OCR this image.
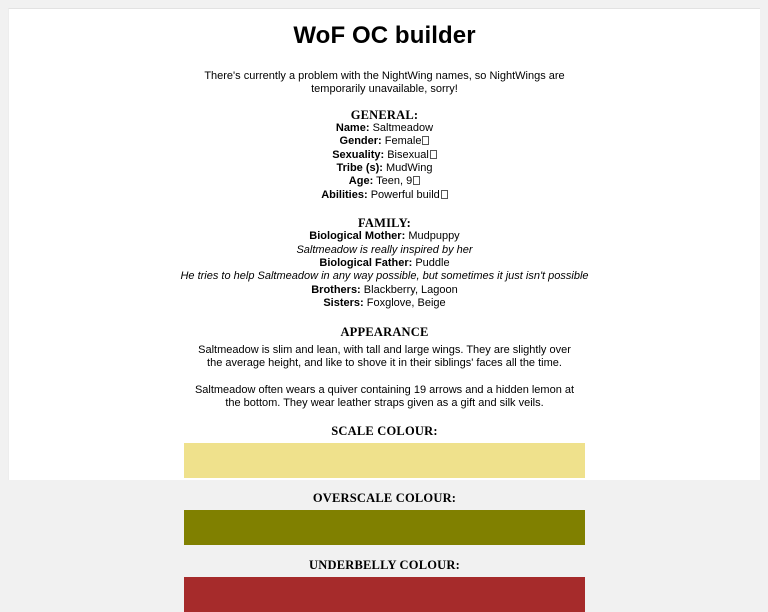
WoF OC builder

There's currently a problem with the NightWing names, so NightWings are temporarily unavailable, sorry!

GENERAL:
Name: Saltmeadow
Gender: Female
Sexuality: Bisexual
Tribe (s): MudWing
Age: Teen, 9
Abilities: Powerful build
FAMILY:
Biological Mother: Mudpuppy
Saltmeadow is really inspired by her
Biological Father: Puddle
He tries to help Saltmeadow in any way possible, but sometimes it just isn't possible
Brothers: Blackberry, Lagoon
Sisters: Foxglove, Beige
APPEARANCE

Saltmeadow is slim and lean, with tall and large wings. They are slightly over the average height, and like to shove it in their siblings' faces all the time.

Saltmeadow often wears a quiver containing 19 arrows and a hidden lemon at the bottom. They wear leather straps given as a gift and silk veils.

SCALE COLOUR:
OVERSCALE COLOUR:
UNDERBELLY COLOUR:
